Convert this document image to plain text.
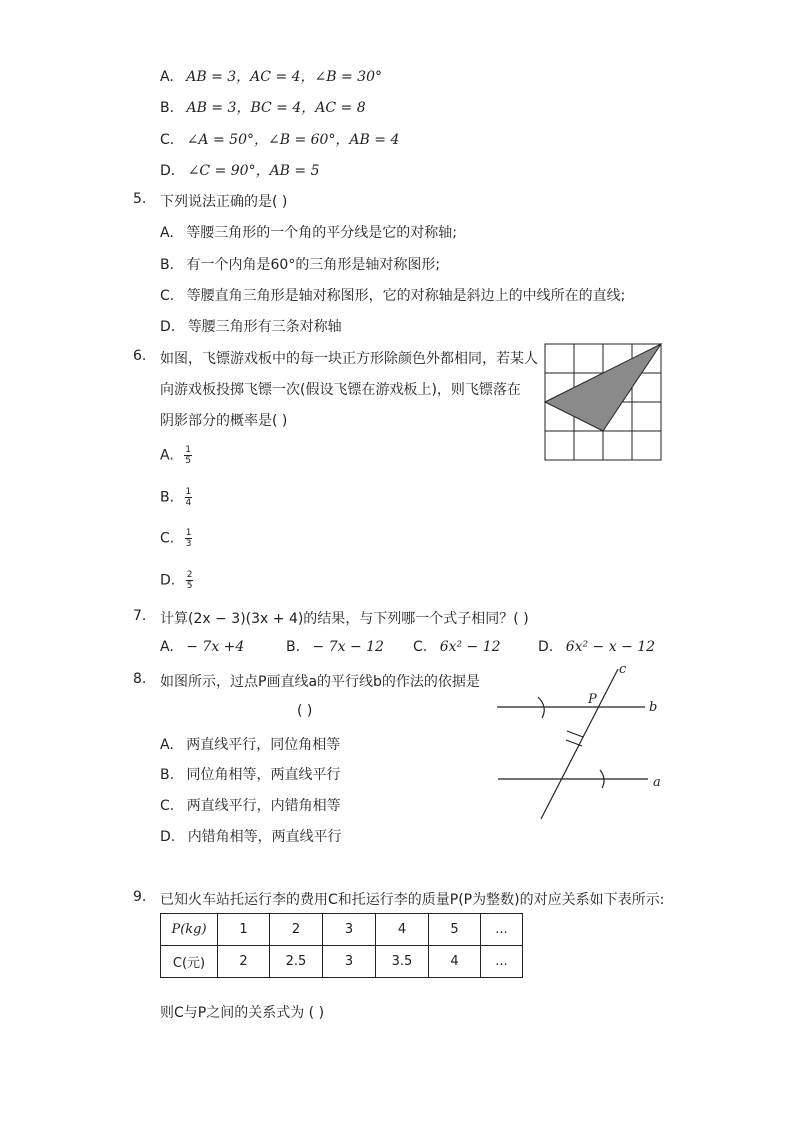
A. AB = 3，AC = 4，∠B = 30°
B. AB = 3，BC = 4，AC = 8
C. ∠A = 50°，∠B = 60°，AB = 4
D. ∠C = 90°，AB = 5
5. 下列说法正确的是( )
A. 等腰三角形的一个角的平分线是它的对称轴;
B. 有一个内角是60°的三角形是轴对称图形;
C. 等腰直角三角形是轴对称图形，它的对称轴是斜边上的中线所在的直线;
D. 等腰三角形有三条对称轴
6. 如图，飞镖游戏板中的每一块正方形除颜色外都相同，若某人
向游戏板投掷飞镖一次(假设飞镖在游戏板上)，则飞镖落在
阴影部分的概率是( )
A. $\frac{1}{5}$
B. $\frac{1}{4}$
C. $\frac{1}{3}$
D. $\frac{2}{5}$
7. 计算(2x − 3)(3x + 4)的结果，与下列哪一个式子相同？( )
A. − 7x +4	B. − 7x − 12 C. 6x² − 12	D. 6x² − x − 12
8. 如图所示，过点P画直线a的平行线b的作法的依据是
( )
A. 两直线平行，同位角相等
B. 同位角相等，两直线平行
C. 两直线平行，内错角相等
D. 内错角相等，两直线平行
c
P
b
a
9. 已知火车站托运行李的费用C和托运行李的质量P(P为整数)的对应关系如下表所示:
P(kg)	1	2	3	4	5	...
C(元)	2	2.5	3	3.5	4	...
则C与P之间的关系式为 ( )
